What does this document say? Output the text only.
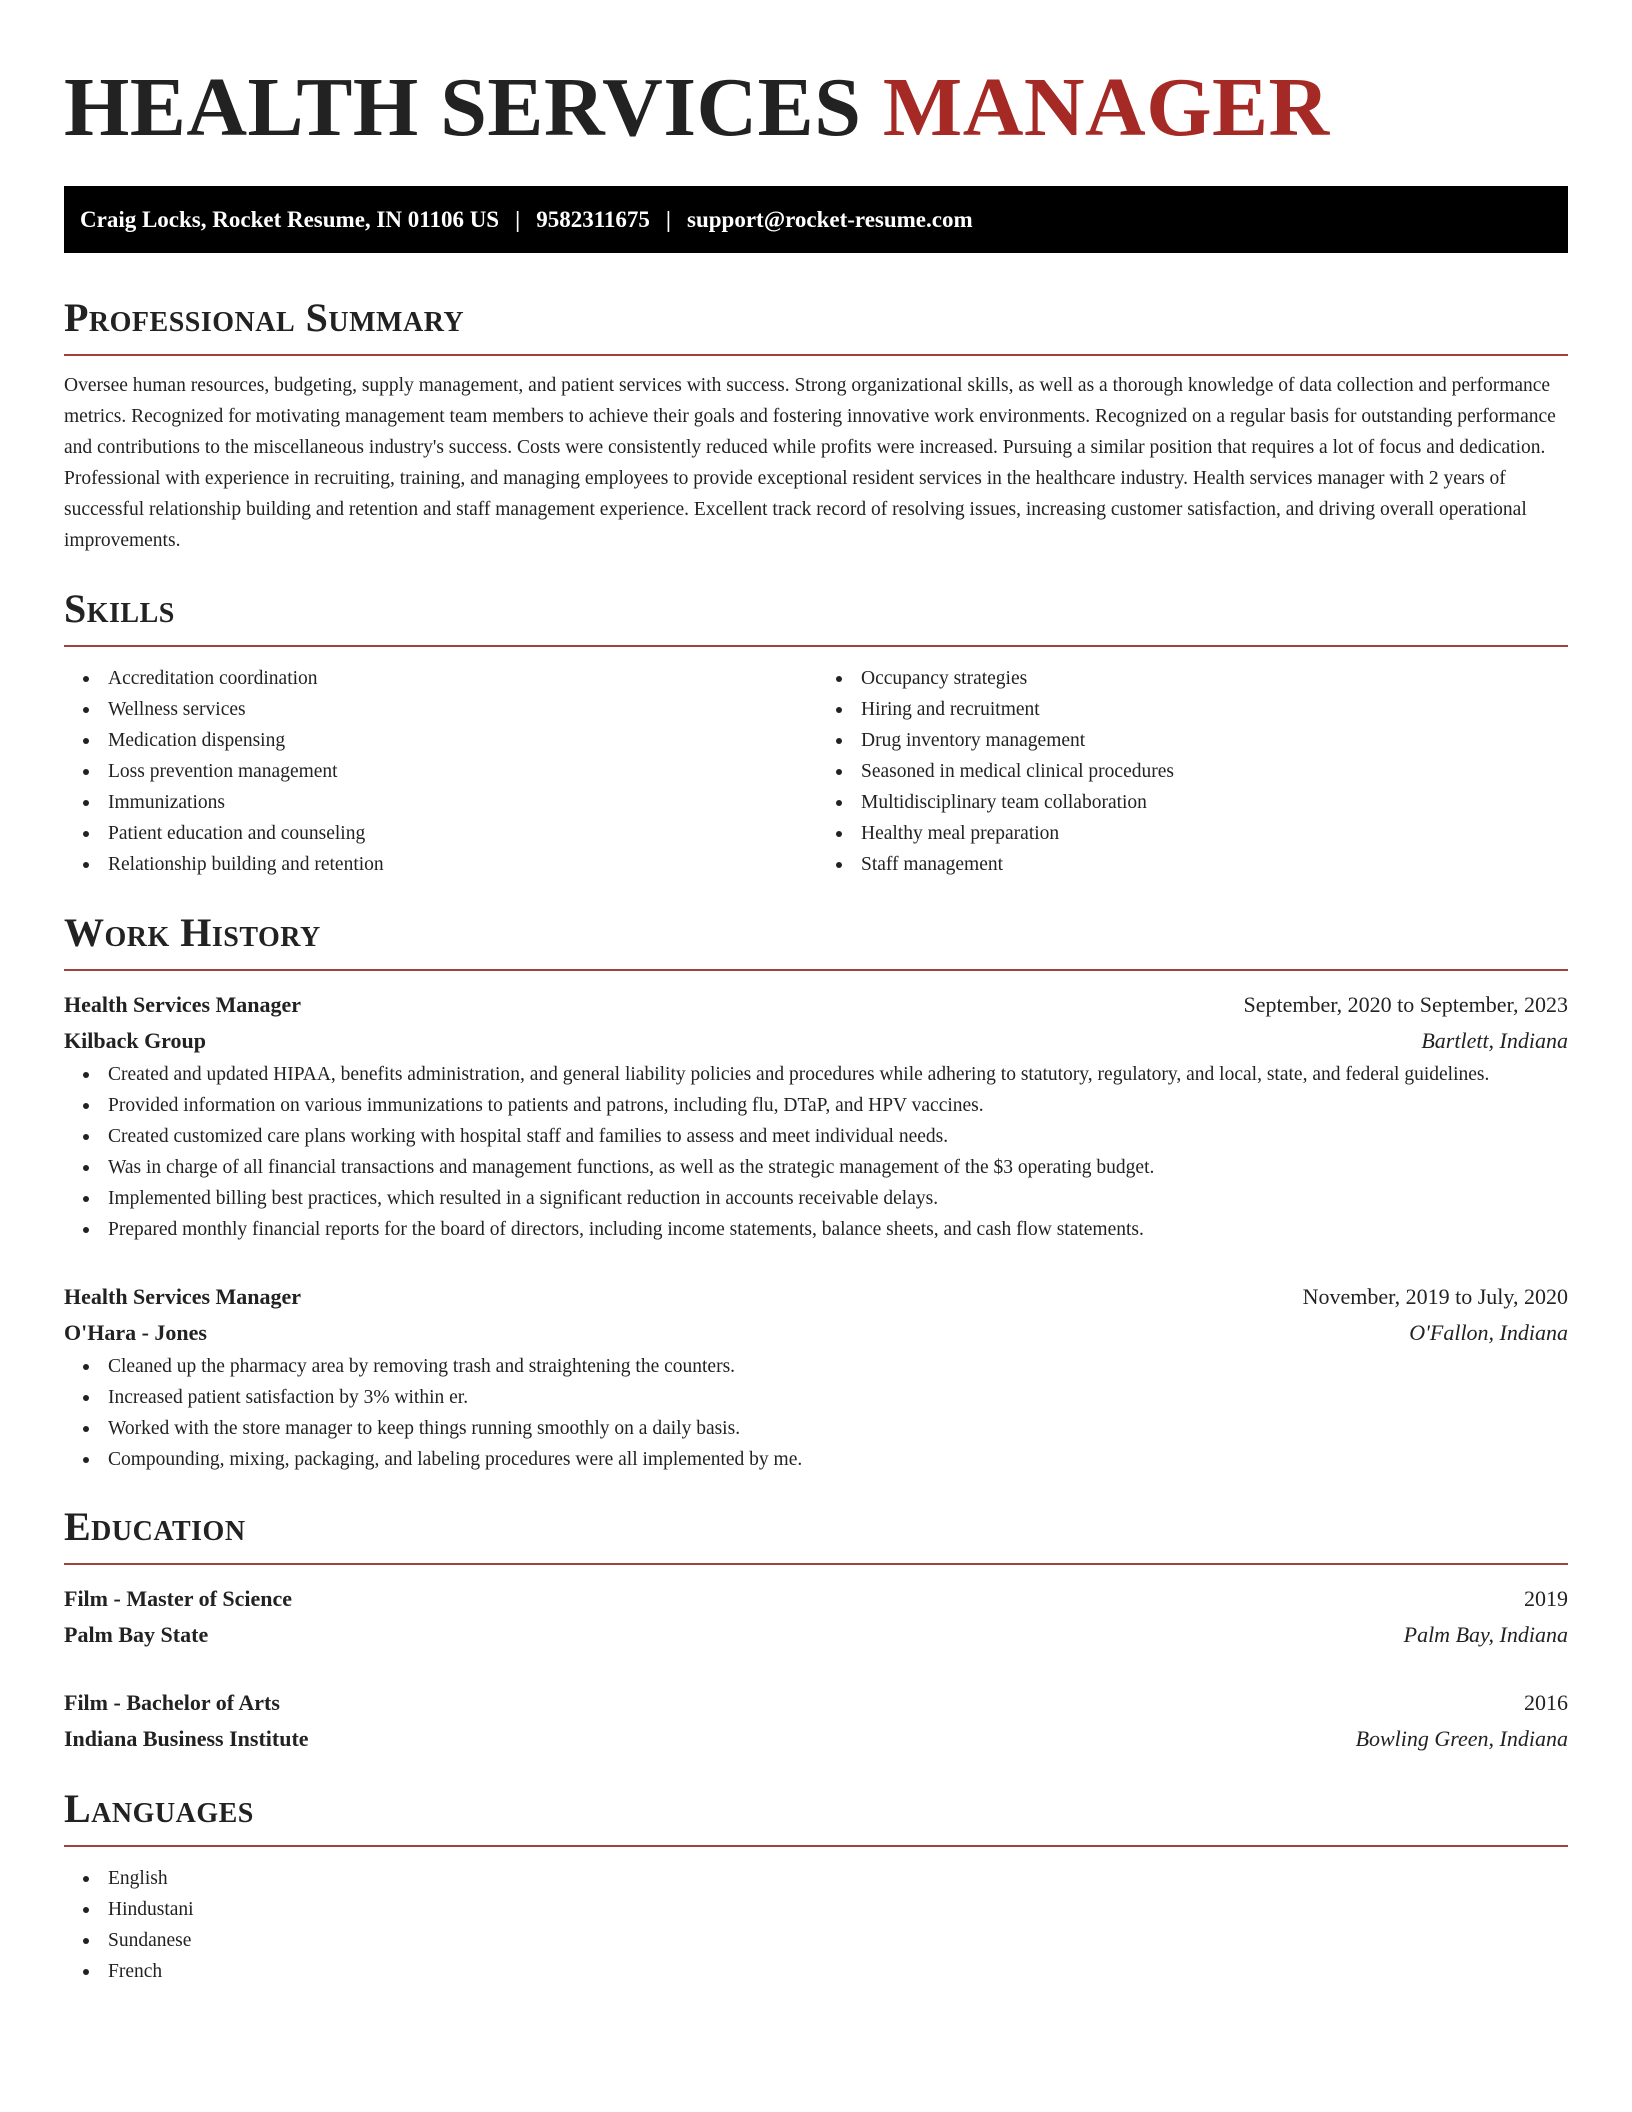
HEALTH SERVICES MANAGER
Craig Locks, Rocket Resume, IN 01106 US | 9582311675 | support@rocket-resume.com
Professional Summary

Oversee human resources, budgeting, supply management, and patient services with success. Strong organizational skills, as well as a thorough knowledge of data collection and performance metrics. Recognized for motivating management team members to achieve their goals and fostering innovative work environments. Recognized on a regular basis for outstanding performance and contributions to the miscellaneous industry's success. Costs were consistently reduced while profits were increased. Pursuing a similar position that requires a lot of focus and dedication. Professional with experience in recruiting, training, and managing employees to provide exceptional resident services in the healthcare industry. Health services manager with 2 years of successful relationship building and retention and staff management experience. Excellent track record of resolving issues, increasing customer satisfaction, and driving overall operational improvements.

Skills
Accreditation coordination
Wellness services
Medication dispensing
Loss prevention management
Immunizations
Patient education and counseling
Relationship building and retention
Occupancy strategies
Hiring and recruitment
Drug inventory management
Seasoned in medical clinical procedures
Multidisciplinary team collaboration
Healthy meal preparation
Staff management
Work History
Health Services Manager	September, 2020 to September, 2023
Kilback Group	Bartlett, Indiana
Created and updated HIPAA, benefits administration, and general liability policies and procedures while adhering to statutory, regulatory, and local, state, and federal guidelines.
Provided information on various immunizations to patients and patrons, including flu, DTaP, and HPV vaccines.
Created customized care plans working with hospital staff and families to assess and meet individual needs.
Was in charge of all financial transactions and management functions, as well as the strategic management of the $3 operating budget.
Implemented billing best practices, which resulted in a significant reduction in accounts receivable delays.
Prepared monthly financial reports for the board of directors, including income statements, balance sheets, and cash flow statements.
Health Services Manager	November, 2019 to July, 2020
O'Hara - Jones	O'Fallon, Indiana
Cleaned up the pharmacy area by removing trash and straightening the counters.
Increased patient satisfaction by 3% within er.
Worked with the store manager to keep things running smoothly on a daily basis.
Compounding, mixing, packaging, and labeling procedures were all implemented by me.
Education
Film - Master of Science	2019
Palm Bay State	Palm Bay, Indiana
Film - Bachelor of Arts	2016
Indiana Business Institute	Bowling Green, Indiana
Languages
English
Hindustani
Sundanese
French
